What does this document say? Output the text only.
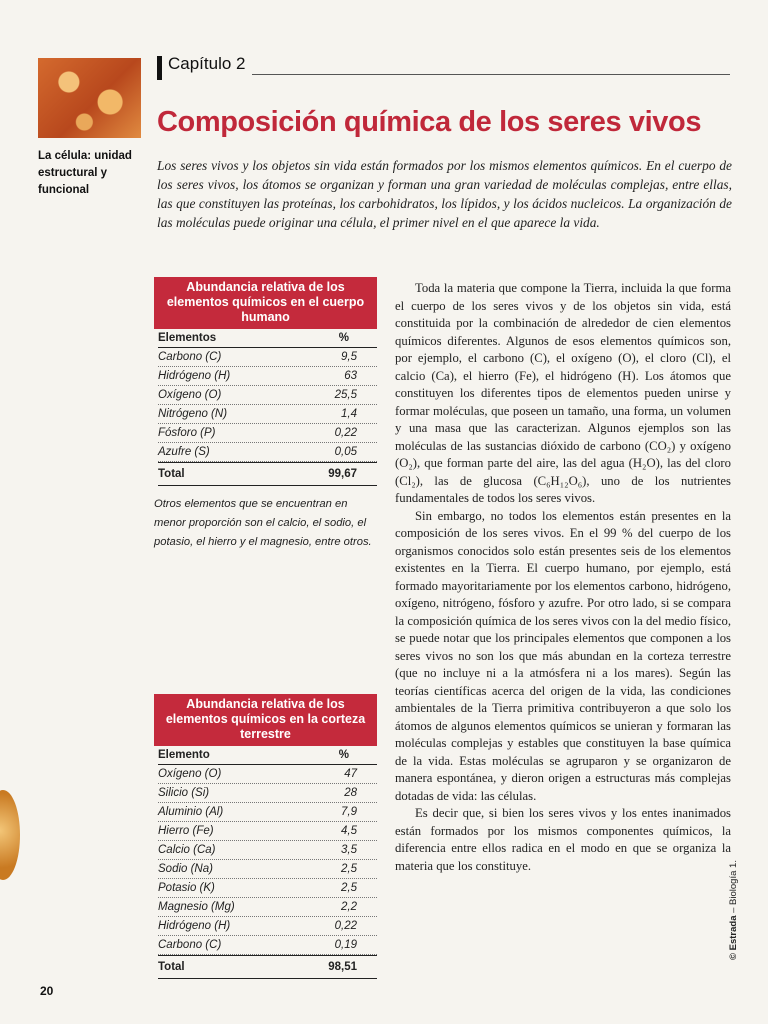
La célula: unidad estructural y funcional
Capítulo 2
Composición química de los seres vivos
Los seres vivos y los objetos sin vida están formados por los mismos elementos químicos. En el cuerpo de los seres vivos, los átomos se organizan y forman una gran variedad de moléculas complejas, entre ellas, las que constituyen las proteínas, los carbohidratos, los lípidos, y los ácidos nucleicos. La organización de las moléculas puede originar una célula, el primer nivel en el que aparece la vida.
Abundancia relativa de los elementos químicos en el cuerpo humano
Elementos	%
Carbono (C)	9,5
Hidrógeno (H)	63
Oxígeno (O)	25,5
Nitrógeno (N)	1,4
Fósforo (P)	0,22
Azufre (S)	0,05
Total	99,67
Otros elementos que se encuentran en menor proporción son el calcio, el sodio, el potasio, el hierro y el magnesio, entre otros.
Abundancia relativa de los elementos químicos en la corteza terrestre
Elemento	%
Oxígeno (O)	47
Silicio (Si)	28
Aluminio (Al)	7,9
Hierro (Fe)	4,5
Calcio (Ca)	3,5
Sodio (Na)	2,5
Potasio (K)	2,5
Magnesio (Mg)	2,2
Hidrógeno (H)	0,22
Carbono (C)	0,19
Total	98,51

Toda la materia que compone la Tierra, incluida la que forma el cuerpo de los seres vivos y de los objetos sin vida, está constituida por la combinación de alrededor de cien elementos químicos diferentes. Algunos de esos elementos químicos son, por ejemplo, el carbono (C), el oxígeno (O), el cloro (Cl), el calcio (Ca), el hierro (Fe), el hidrógeno (H). Los átomos que constituyen los diferentes tipos de elementos pueden unirse y formar moléculas, que poseen un tamaño, una forma, un volumen y una masa que las caracterizan. Algunos ejemplos son las moléculas de las sustancias dióxido de carbono (CO₂) y oxígeno (O₂), que forman parte del aire, las del agua (H₂O), las del cloro (Cl₂), las de glucosa (C₆H₁₂O₆), uno de los nutrientes fundamentales de todos los seres vivos.

Sin embargo, no todos los elementos están presentes en la composición de los seres vivos. En el 99 % del cuerpo de los organismos conocidos solo están presentes seis de los elementos existentes en la Tierra. El cuerpo humano, por ejemplo, está formado mayoritariamente por los elementos carbono, hidrógeno, oxígeno, nitrógeno, fósforo y azufre. Por otro lado, si se compara la composición química de los seres vivos con la del medio físico, se puede notar que los principales elementos que componen a los seres vivos no son los que más abundan en la corteza terrestre (que no incluye ni a la atmósfera ni a los mares). Según las teorías científicas acerca del origen de la vida, las condiciones ambientales de la Tierra primitiva contribuyeron a que solo los átomos de algunos elementos químicos se unieran y formaran las moléculas complejas y estables que constituyen la base química de la vida. Estas moléculas se agruparon y se organizaron de manera espontánea, y dieron origen a estructuras más complejas dotadas de vida: las células.

Es decir que, si bien los seres vivos y los entes inanimados están formados por los mismos componentes químicos, la diferencia entre ellos radica en el modo en que se organiza la materia que los constituye.

© Estrada – Biología 1.
20
